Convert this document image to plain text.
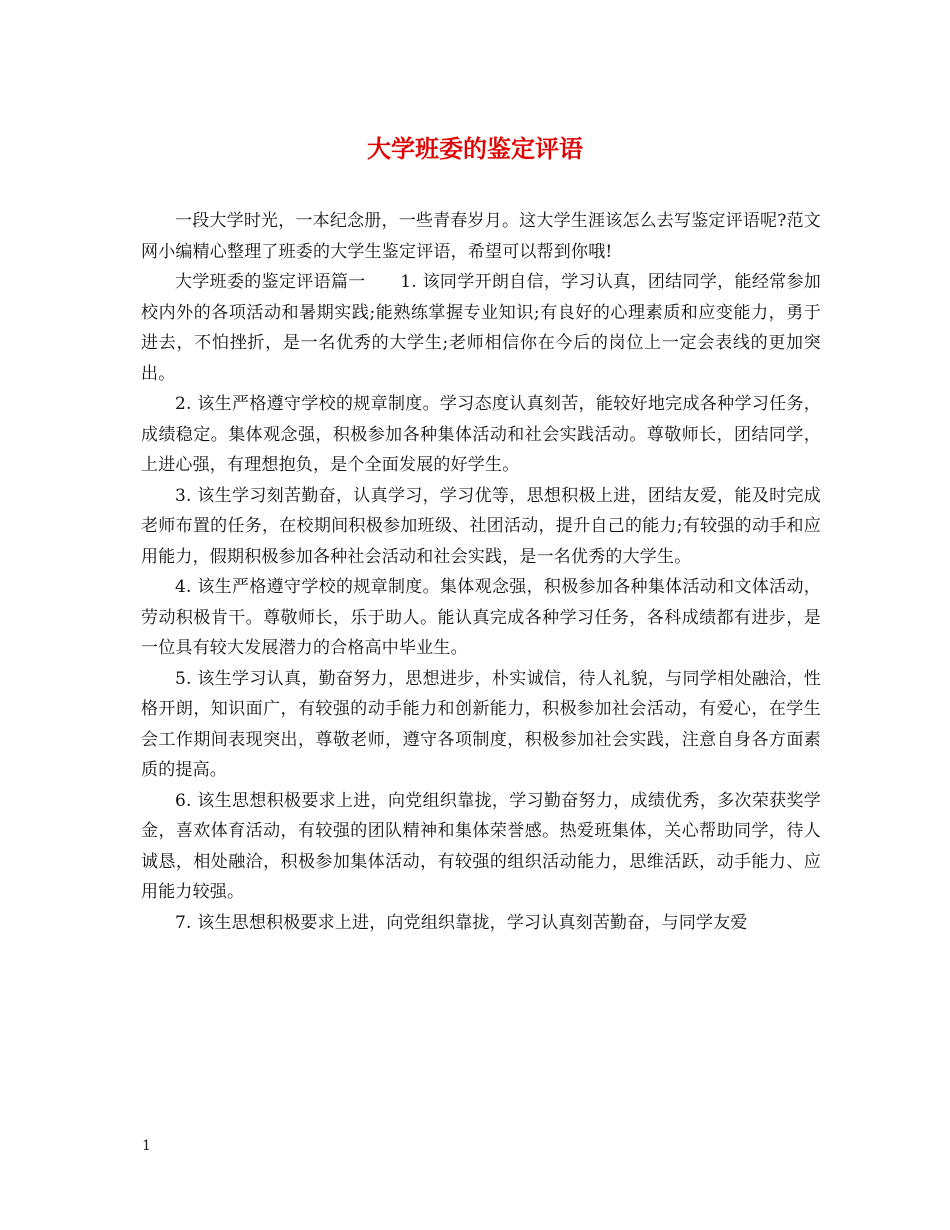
大学班委的鉴定评语

一段大学时光，一本纪念册，一些青春岁月。这大学生涯该怎么去写鉴定评语呢?范文网小编精心整理了班委的大学生鉴定评语，希望可以帮到你哦!

大学班委的鉴定评语篇一　　1. 该同学开朗自信，学习认真，团结同学，能经常参加校内外的各项活动和暑期实践;能熟练掌握专业知识;有良好的心理素质和应变能力，勇于进去，不怕挫折，是一名优秀的大学生;老师相信你在今后的岗位上一定会表线的更加突出。

2. 该生严格遵守学校的规章制度。学习态度认真刻苦，能较好地完成各种学习任务，成绩稳定。集体观念强，积极参加各种集体活动和社会实践活动。尊敬师长，团结同学，上进心强，有理想抱负，是个全面发展的好学生。

3. 该生学习刻苦勤奋，认真学习，学习优等，思想积极上进，团结友爱，能及时完成老师布置的任务，在校期间积极参加班级、社团活动，提升自己的能力;有较强的动手和应用能力，假期积极参加各种社会活动和社会实践，是一名优秀的大学生。

4. 该生严格遵守学校的规章制度。集体观念强，积极参加各种集体活动和文体活动，劳动积极肯干。尊敬师长，乐于助人。能认真完成各种学习任务，各科成绩都有进步，是一位具有较大发展潜力的合格高中毕业生。

5. 该生学习认真，勤奋努力，思想进步，朴实诚信，待人礼貌，与同学相处融洽，性格开朗，知识面广，有较强的动手能力和创新能力，积极参加社会活动，有爱心，在学生会工作期间表现突出，尊敬老师，遵守各项制度，积极参加社会实践，注意自身各方面素质的提高。

6. 该生思想积极要求上进，向党组织靠拢，学习勤奋努力，成绩优秀，多次荣获奖学金，喜欢体育活动，有较强的团队精神和集体荣誉感。热爱班集体，关心帮助同学，待人诚恳，相处融洽，积极参加集体活动，有较强的组织活动能力，思维活跃，动手能力、应用能力较强。

7. 该生思想积极要求上进，向党组织靠拢，学习认真刻苦勤奋，与同学友爱

1
